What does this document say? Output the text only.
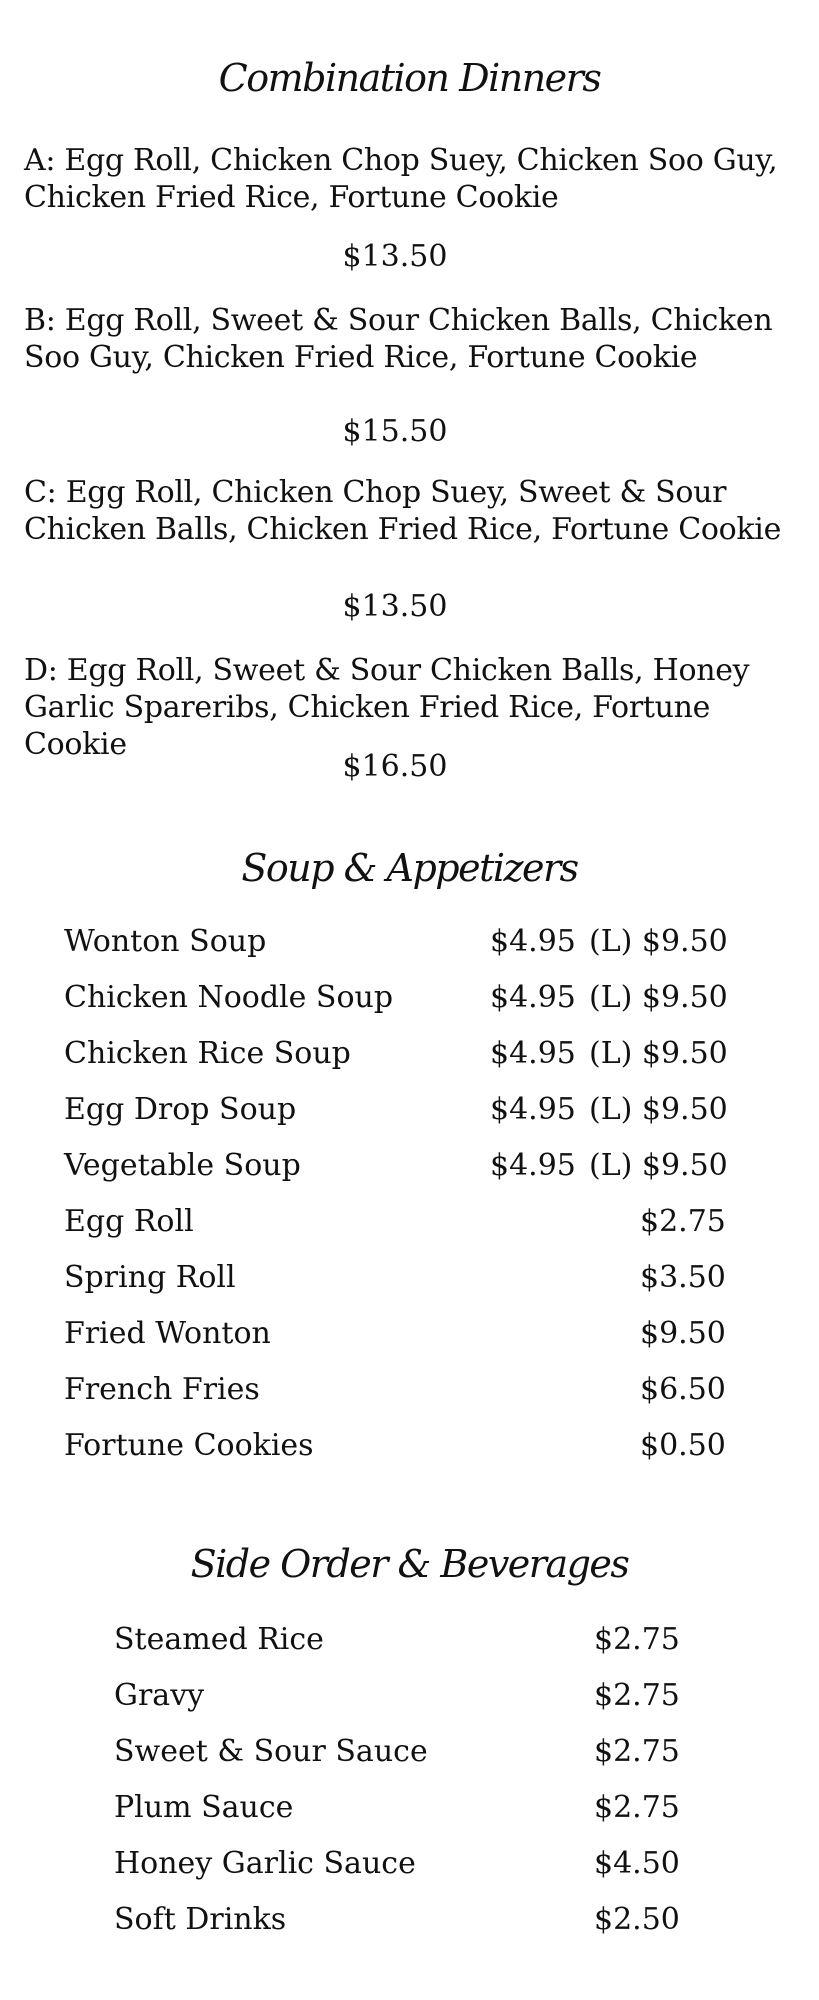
Combination Dinners

A: Egg Roll, Chicken Chop Suey, Chicken Soo Guy, Chicken Fried Rice, Fortune Cookie

$13.50

B: Egg Roll, Sweet & Sour Chicken Balls, Chicken Soo Guy, Chicken Fried Rice, Fortune Cookie

$15.50

C: Egg Roll, Chicken Chop Suey, Sweet & Sour Chicken Balls, Chicken Fried Rice, Fortune Cookie

$13.50

D: Egg Roll, Sweet & Sour Chicken Balls, Honey Garlic Spareribs, Chicken Fried Rice, Fortune Cookie

$16.50
Soup & Appetizers
Wonton Soup	$4.95 (L) $9.50
Chicken Noodle Soup	$4.95 (L) $9.50
Chicken Rice Soup	$4.95 (L) $9.50
Egg Drop Soup	$4.95 (L) $9.50
Vegetable Soup	$4.95 (L) $9.50
Egg Roll	$2.75
Spring Roll	$3.50
Fried Wonton	$9.50
French Fries	$6.50
Fortune Cookies	$0.50
Side Order & Beverages
Steamed Rice	$2.75
Gravy	$2.75
Sweet & Sour Sauce	$2.75
Plum Sauce	$2.75
Honey Garlic Sauce	$4.50
Soft Drinks	$2.50
